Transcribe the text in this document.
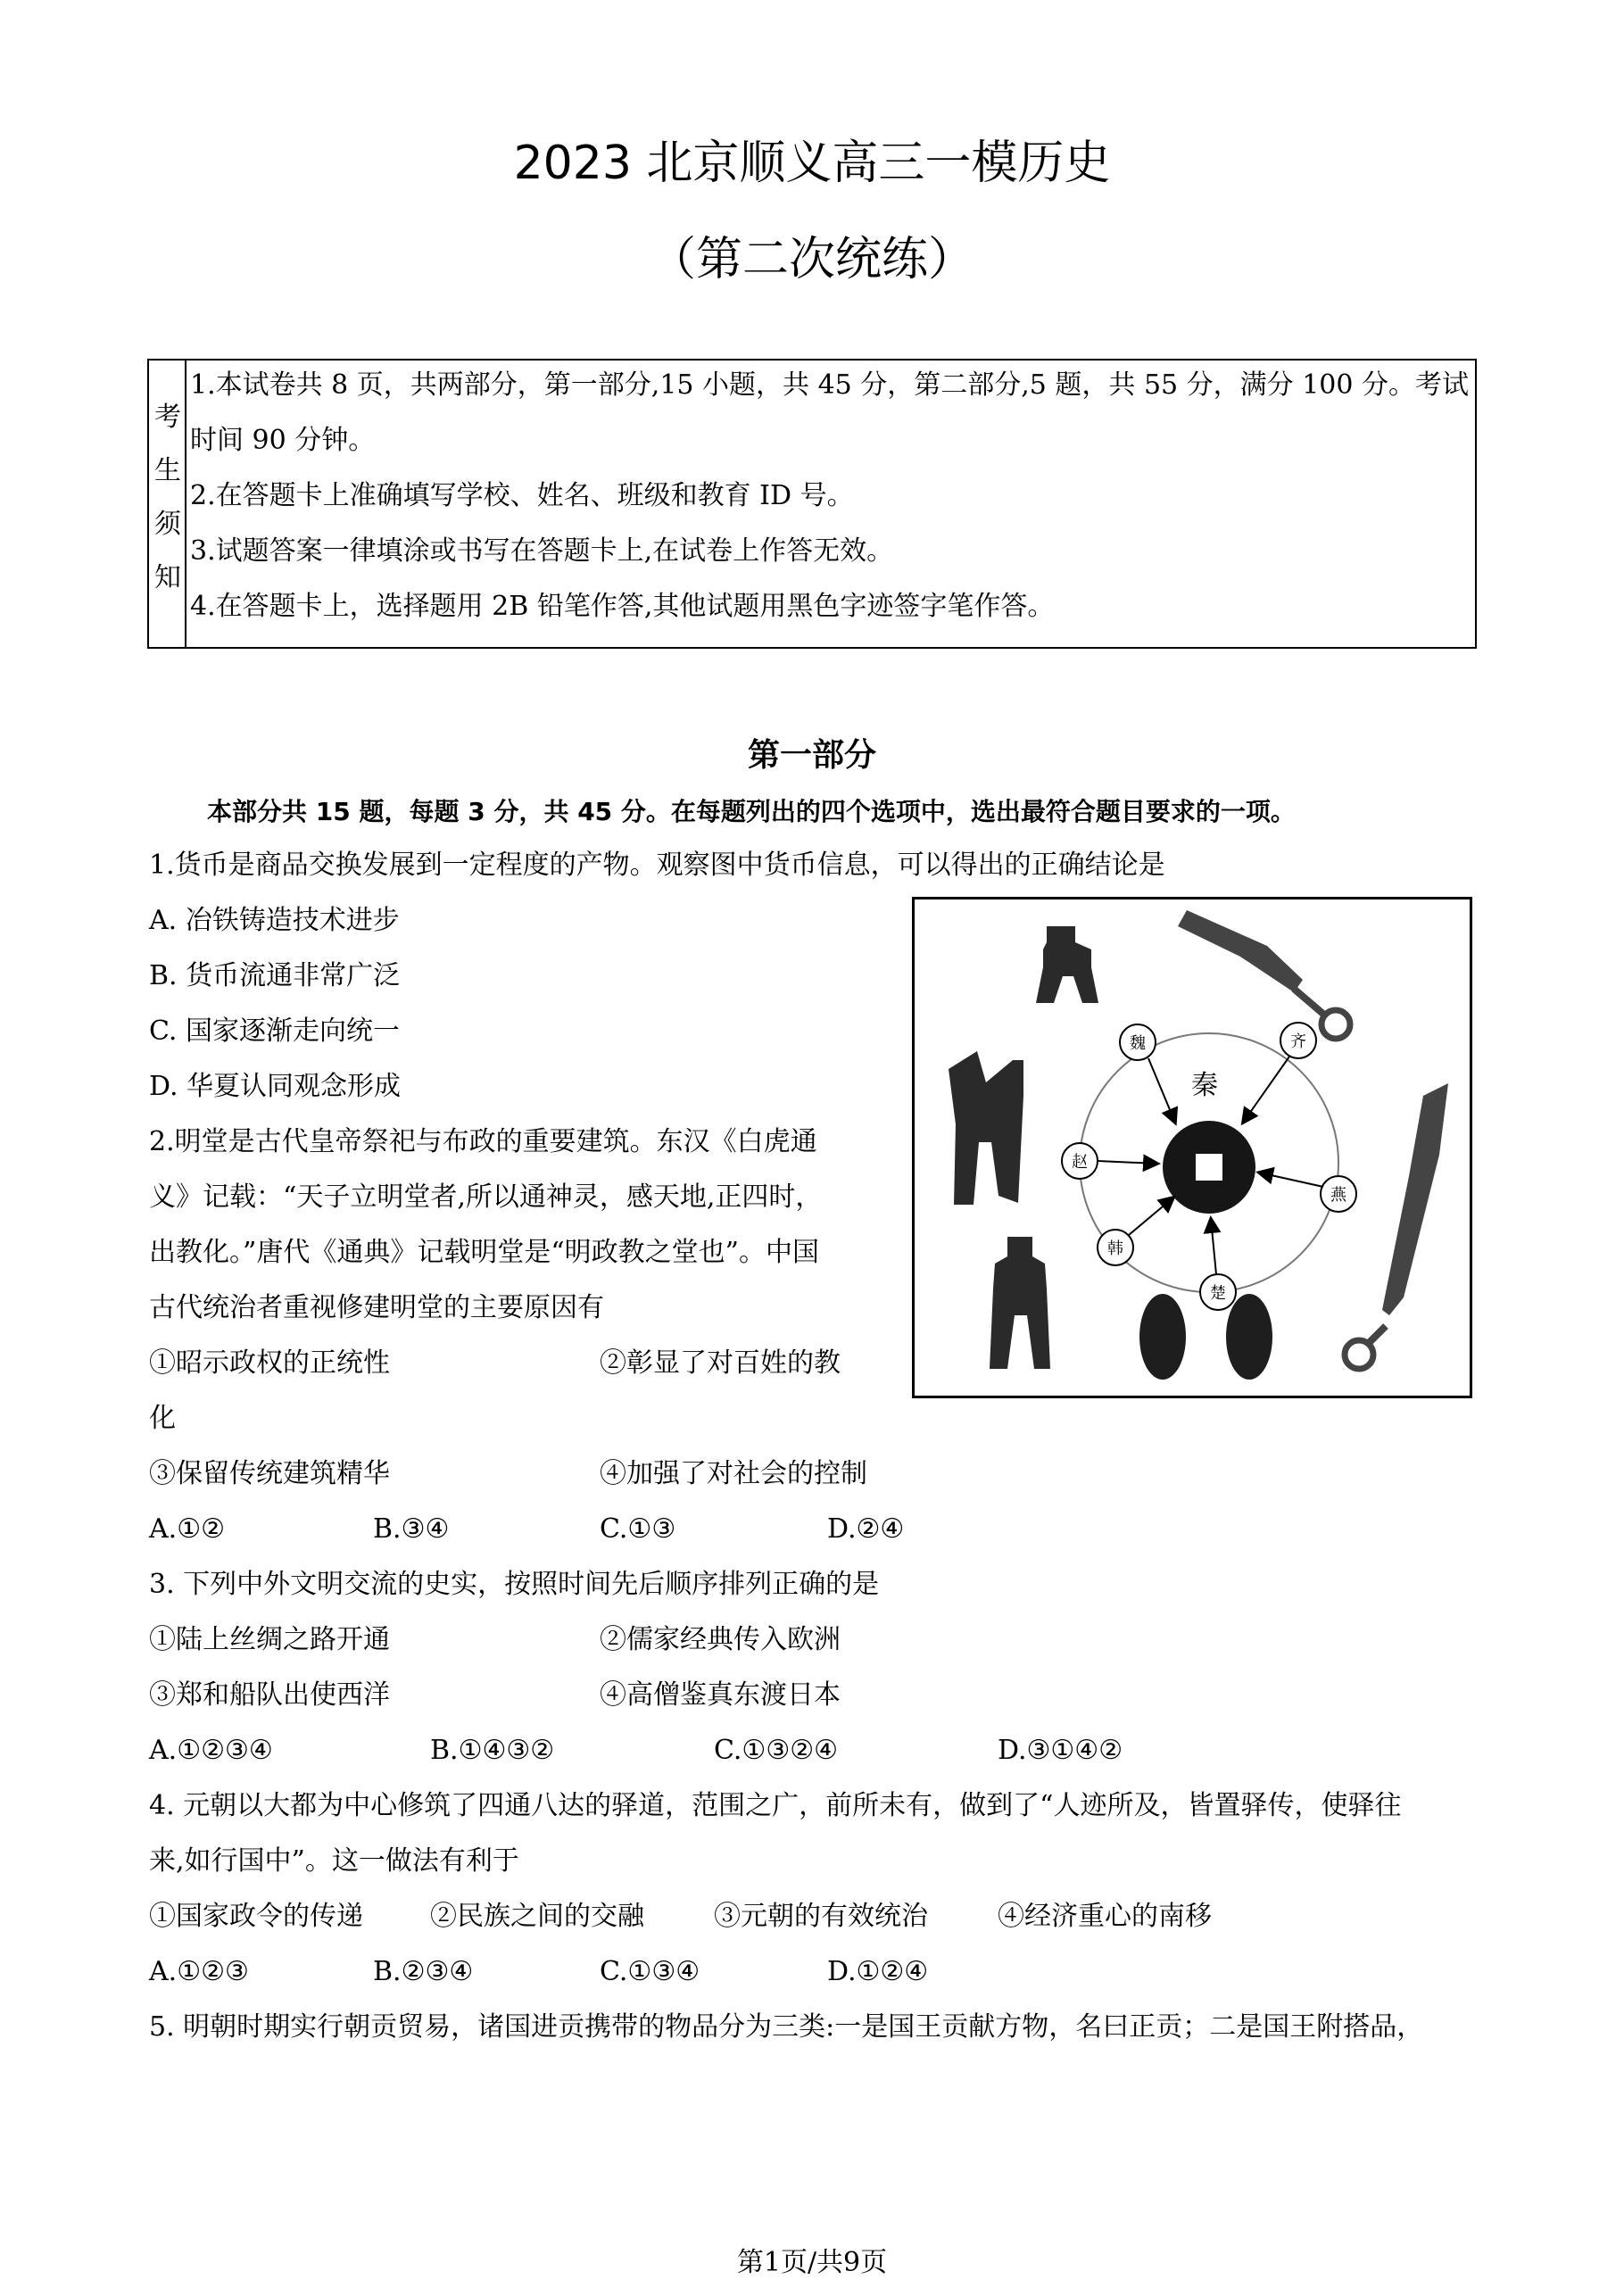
2023 北京顺义高三一模历史
（第二次统练）
考
生
须
知
1.本试卷共 8 页，共两部分，第一部分,15 小题，共 45 分，第二部分,5 题，共 55 分，满分 100 分。考试
时间 90 分钟。
2.在答题卡上准确填写学校、姓名、班级和教育 ID 号。
3.试题答案一律填涂或书写在答题卡上,在试卷上作答无效。
4.在答题卡上，选择题用 2B 铅笔作答,其他试题用黑色字迹签字笔作答。
第一部分
本部分共 15 题，每题 3 分，共 45 分。在每题列出的四个选项中，选出最符合题目要求的一项。
1.货币是商品交换发展到一定程度的产物。观察图中货币信息，可以得出的正确结论是
A. 冶铁铸造技术进步
B. 货币流通非常广泛
C. 国家逐渐走向统一
D. 华夏认同观念形成	秦
魏	齐
赵
燕
韩
楚
2.明堂是古代皇帝祭祀与布政的重要建筑。东汉《白虎通
义》记载：“天子立明堂者,所以通神灵，感天地,正四时，
出教化。”唐代《通典》记载明堂是“明政教之堂也”。中国
古代统治者重视修建明堂的主要原因有
①昭示政权的正统性	②彰显了对百姓的教
化
③保留传统建筑精华	④加强了对社会的控制
A.①②	B.③④	C.①③	D.②④
3. 下列中外文明交流的史实，按照时间先后顺序排列正确的是
①陆上丝绸之路开通	②儒家经典传入欧洲
③郑和船队出使西洋	④高僧鉴真东渡日本
A.①②③④	B.①④③②	C.①③②④	D.③①④②
4. 元朝以大都为中心修筑了四通八达的驿道，范围之广，前所未有，做到了“人迹所及，皆置驿传，使驿往
来,如行国中”。这一做法有利于
①国家政令的传递	②民族之间的交融	③元朝的有效统治	④经济重心的南移
A.①②③	B.②③④	C.①③④	D.①②④
5. 明朝时期实行朝贡贸易，诸国进贡携带的物品分为三类:一是国王贡献方物，名曰正贡；二是国王附搭品，
第1页/共9页
